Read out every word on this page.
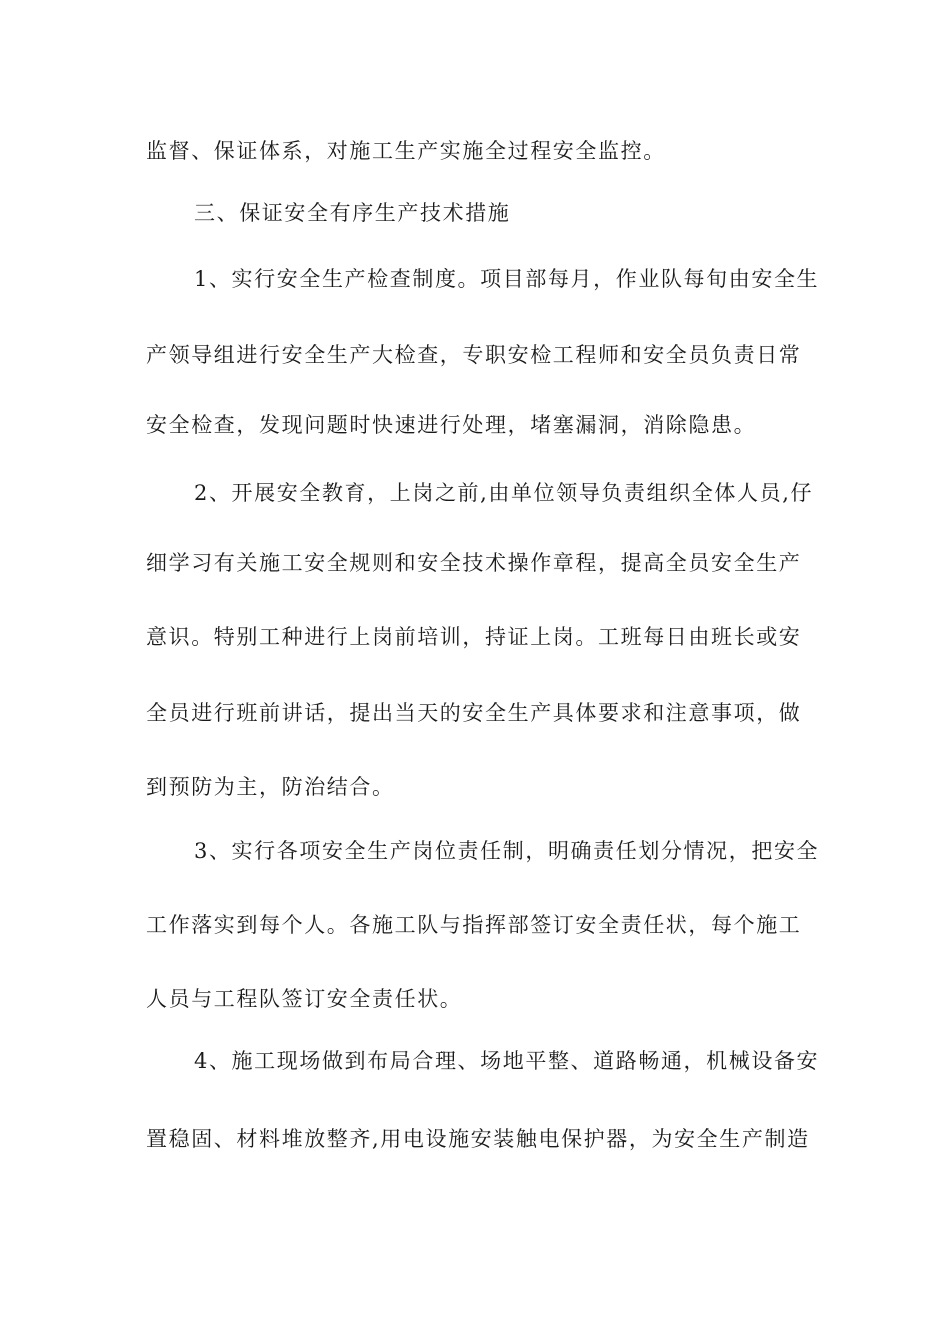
监督、保证体系，对施工生产实施全过程安全监控。
三、保证安全有序生产技术措施
1、实行安全生产检查制度。项目部每月，作业队每旬由安全生
产领导组进行安全生产大检查，专职安检工程师和安全员负责日常
安全检查，发现问题时快速进行处理，堵塞漏洞，消除隐患。
2、开展安全教育，上岗之前,由单位领导负责组织全体人员,仔
细学习有关施工安全规则和安全技术操作章程，提高全员安全生产
意识。特别工种进行上岗前培训，持证上岗。工班每日由班长或安
全员进行班前讲话，提出当天的安全生产具体要求和注意事项，做
到预防为主，防治结合。
3、实行各项安全生产岗位责任制，明确责任划分情况，把安全
工作落实到每个人。各施工队与指挥部签订安全责任状，每个施工
人员与工程队签订安全责任状。
4、施工现场做到布局合理、场地平整、道路畅通，机械设备安
置稳固、材料堆放整齐,用电设施安装触电保护器，为安全生产制造
